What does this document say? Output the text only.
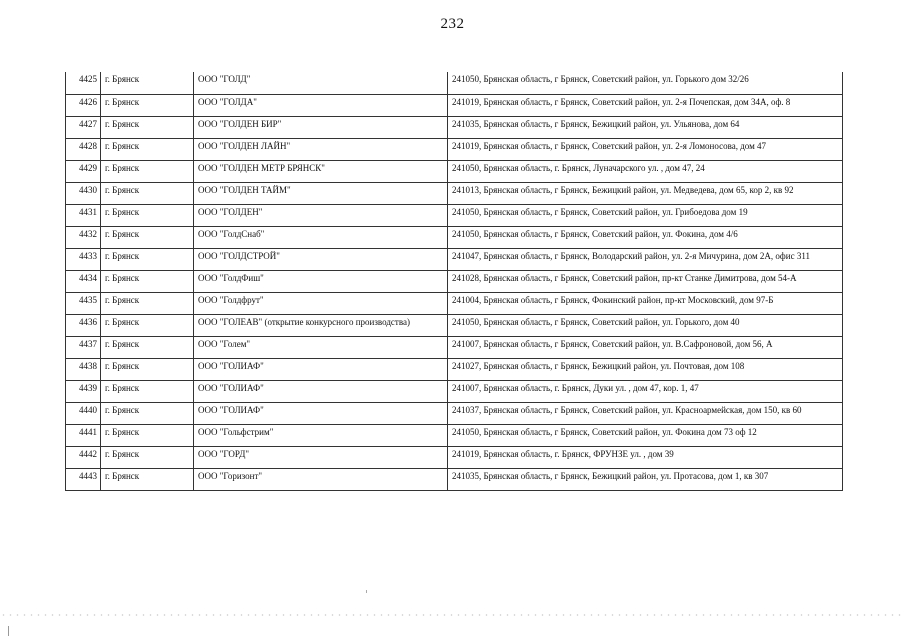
232
4425	г. Брянск	ООО "ГОЛД"	241050, Брянская область, г Брянск, Советский район, ул. Горького дом 32/26
4426	г. Брянск	ООО "ГОЛДА"	241019, Брянская область, г Брянск, Советский район, ул. 2-я Почепская, дом 34А, оф. 8
4427	г. Брянск	ООО "ГОЛДЕН БИР"	241035, Брянская область, г Брянск, Бежицкий район, ул. Ульянова, дом 64
4428	г. Брянск	ООО "ГОЛДЕН ЛАЙН"	241019, Брянская область, г Брянск, Советский район, ул. 2-я Ломоносова, дом 47
4429	г. Брянск	ООО "ГОЛДЕН МЕТР БРЯНСК"	241050, Брянская область, г. Брянск, Луначарского ул. , дом 47, 24
4430	г. Брянск	ООО "ГОЛДЕН ТАЙМ"	241013, Брянская область, г Брянск, Бежицкий район, ул. Медведева, дом 65, кор 2, кв 92
4431	г. Брянск	ООО "ГОЛДЕН"	241050, Брянская область, г Брянск, Советский район, ул. Грибоедова дом 19
4432	г. Брянск	ООО "ГолдСнаб"	241050, Брянская область, г Брянск, Советский район, ул. Фокина, дом 4/6
4433	г. Брянск	ООО "ГОЛДСТРОЙ"	241047, Брянская область, г Брянск, Володарский район, ул. 2-я Мичурина, дом 2А, офис 311
4434	г. Брянск	ООО "ГолдФиш"	241028, Брянская область, г Брянск, Советский район, пр-кт Станке Димитрова, дом 54-А
4435	г. Брянск	ООО "Голдфрут"	241004, Брянская область, г Брянск, Фокинский район, пр-кт Московский, дом 97-Б
4436	г. Брянск	ООО "ГОЛЕАВ" (открытие конкурсного производства)	241050, Брянская область, г Брянск, Советский район, ул. Горького, дом 40
4437	г. Брянск	ООО "Голем"	241007, Брянская область, г Брянск, Советский район, ул. В.Сафроновой, дом 56, А
4438	г. Брянск	ООО "ГОЛИАФ"	241027, Брянская область, г Брянск, Бежицкий район, ул. Почтовая, дом 108
4439	г. Брянск	ООО "ГОЛИАФ"	241007, Брянская область, г. Брянск, Дуки ул. , дом 47, кор. 1, 47
4440	г. Брянск	ООО "ГОЛИАФ"	241037, Брянская область, г Брянск, Советский район, ул. Красноармейская, дом 150, кв 60
4441	г. Брянск	ООО "Гольфстрим"	241050, Брянская область, г Брянск, Советский район, ул. Фокина дом 73 оф 12
4442	г. Брянск	ООО "ГОРД"	241019, Брянская область, г. Брянск, ФРУНЗЕ ул. , дом 39
4443	г. Брянск	ООО "Горизонт"	241035, Брянская область, г Брянск, Бежицкий район, ул. Протасова, дом 1, кв 307
